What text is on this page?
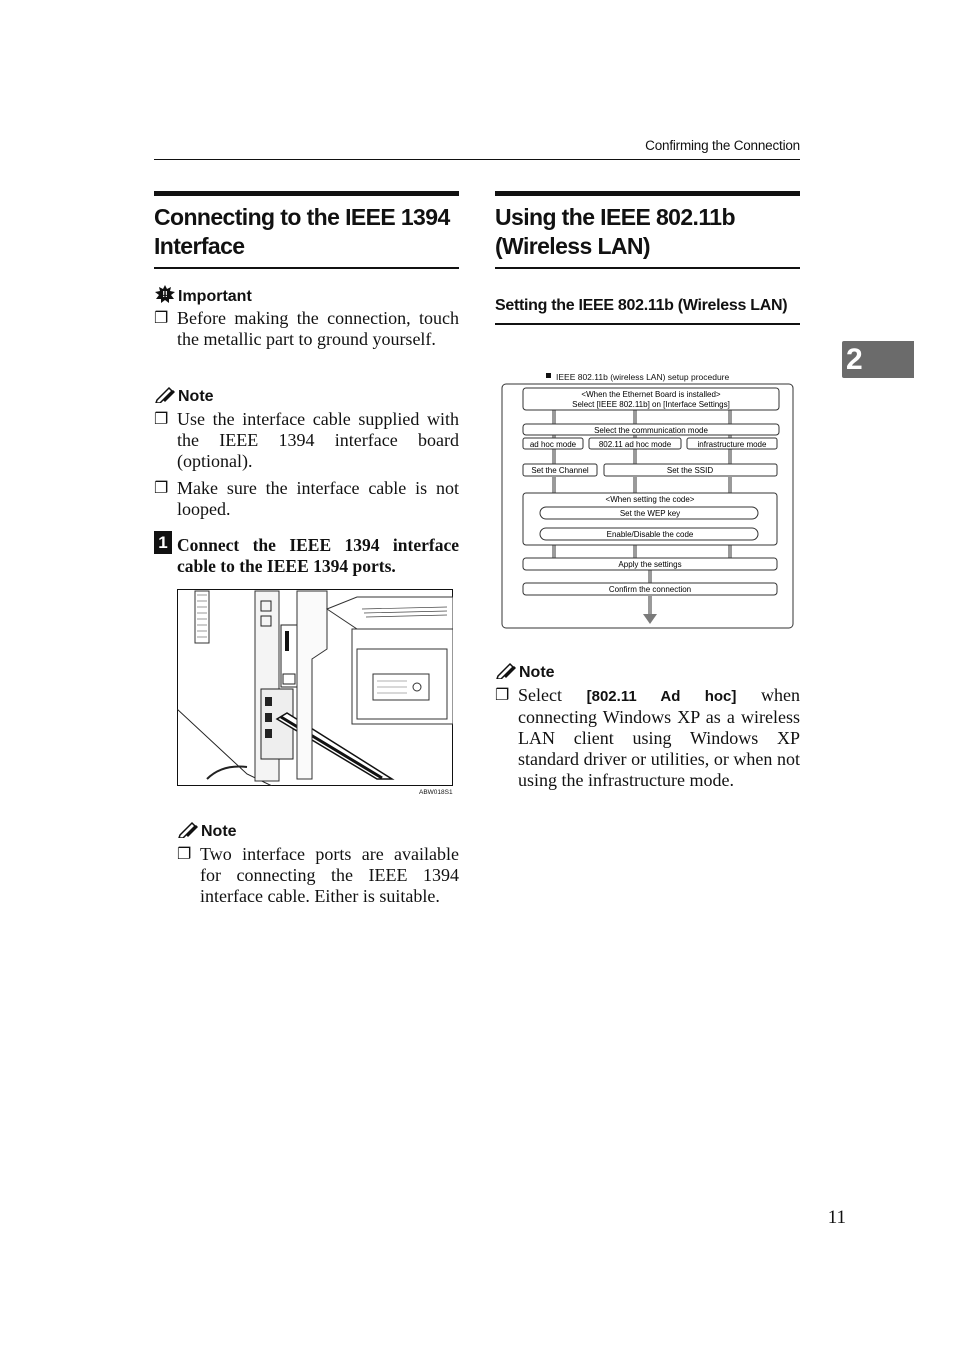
Confirming the Connection
2
Connecting to the IEEE 1394 Interface
!! Important
❐ Before making the connection, touch the metallic part to ground yourself.
Note
❐ Use the interface cable supplied with the IEEE 1394 interface board (optional).
❐ Make sure the interface cable is not looped.
1 Connect the IEEE 1394 interface cable to the IEEE 1394 ports.
ABW018S1
Note
❐ Two interface ports are available for connecting the IEEE 1394 interface cable. Either is suitable.
Using the IEEE 802.11b (Wireless LAN)
Setting the IEEE 802.11b (Wireless LAN)
IEEE 802.11b (wireless LAN) setup procedure
<When the Ethernet Board is installed>
Select [IEEE 802.11b] on [Interface Settings]
Select the communication mode
ad hoc mode	802.11 ad hoc mode	infrastructure mode
Set the Channel	Set the SSID
<When setting the code>
Set the WEP key
Enable/Disable the code
Apply the settings
Confirm the connection
Note
❐ Select [802.11 Ad hoc] when connecting Windows XP as a wireless LAN client using Windows XP standard driver or utilities, or when not using the infrastructure mode.
11
